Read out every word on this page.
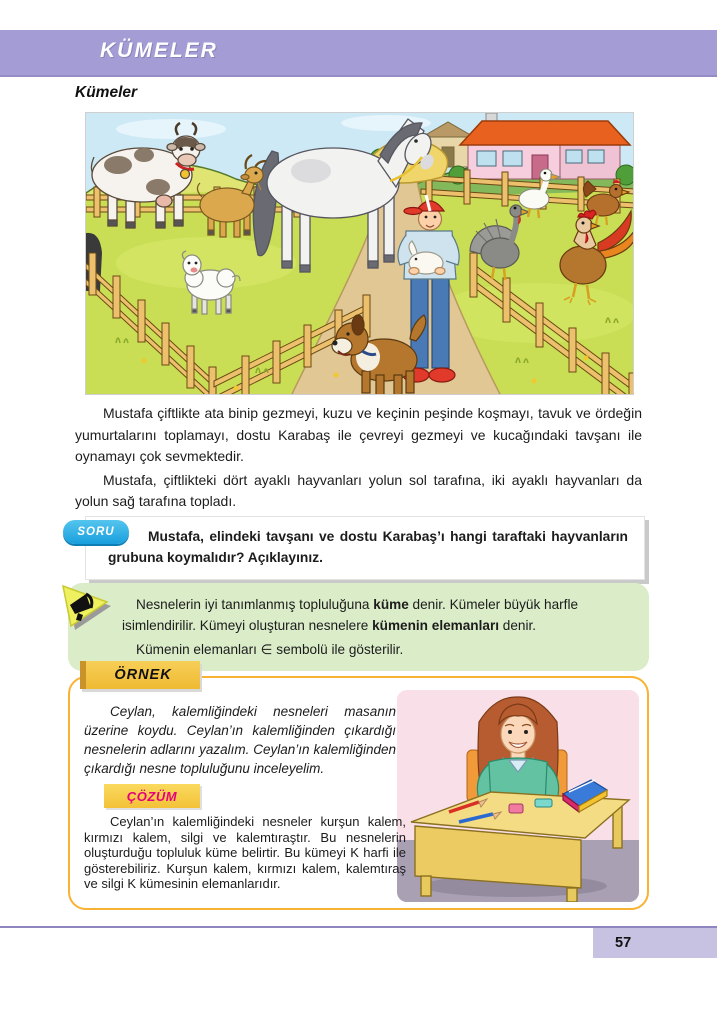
KÜMELER
Kümeler

Mustafa çiftlikte ata binip gezmeyi, kuzu ve keçinin peşinde koşmayı, tavuk ve ördeğin yumurtalarını toplamayı, dostu Karabaş ile çevreyi gezmeyi ve kucağındaki tavşanı ile oynamayı çok sevmektedir.

Mustafa, çiftlikteki dört ayaklı hayvanları yolun sol tarafına, iki ayaklı hayvanları da yolun sağ tarafına topladı.

Mustafa, elindeki tavşanı ve dostu Karabaş’ı hangi taraftaki hayvanların grubuna koymalıdır? Açıklayınız.
SORU

Nesnelerin iyi tanımlanmış topluluğuna küme denir. Kümeler büyük harfle isimlendirilir. Kümeyi oluşturan nesnelere kümenin elemanları denir.

Kümenin elemanları ∈ sembolü ile gösterilir.

ÖRNEK

Ceylan, kalemliğindeki nesneleri masanın üzerine koydu. Ceylan’ın kalemliğinden çıkardığı nesnelerin adlarını yazalım. Ceylan’ın kalemliğinden çıkardığı nesne topluluğunu inceleyelim.

ÇÖZÜM

Ceylan’ın kalemliğindeki nesneler kurşun kalem, kırmızı kalem, silgi ve kalemtıraştır. Bu nesnelerin oluşturduğu topluluk küme belirtir. Bu kümeyi K harfi ile gösterebiliriz. Kurşun kalem, kırmızı kalem, kalemtıraş ve silgi K kümesinin elemanlarıdır.

57
